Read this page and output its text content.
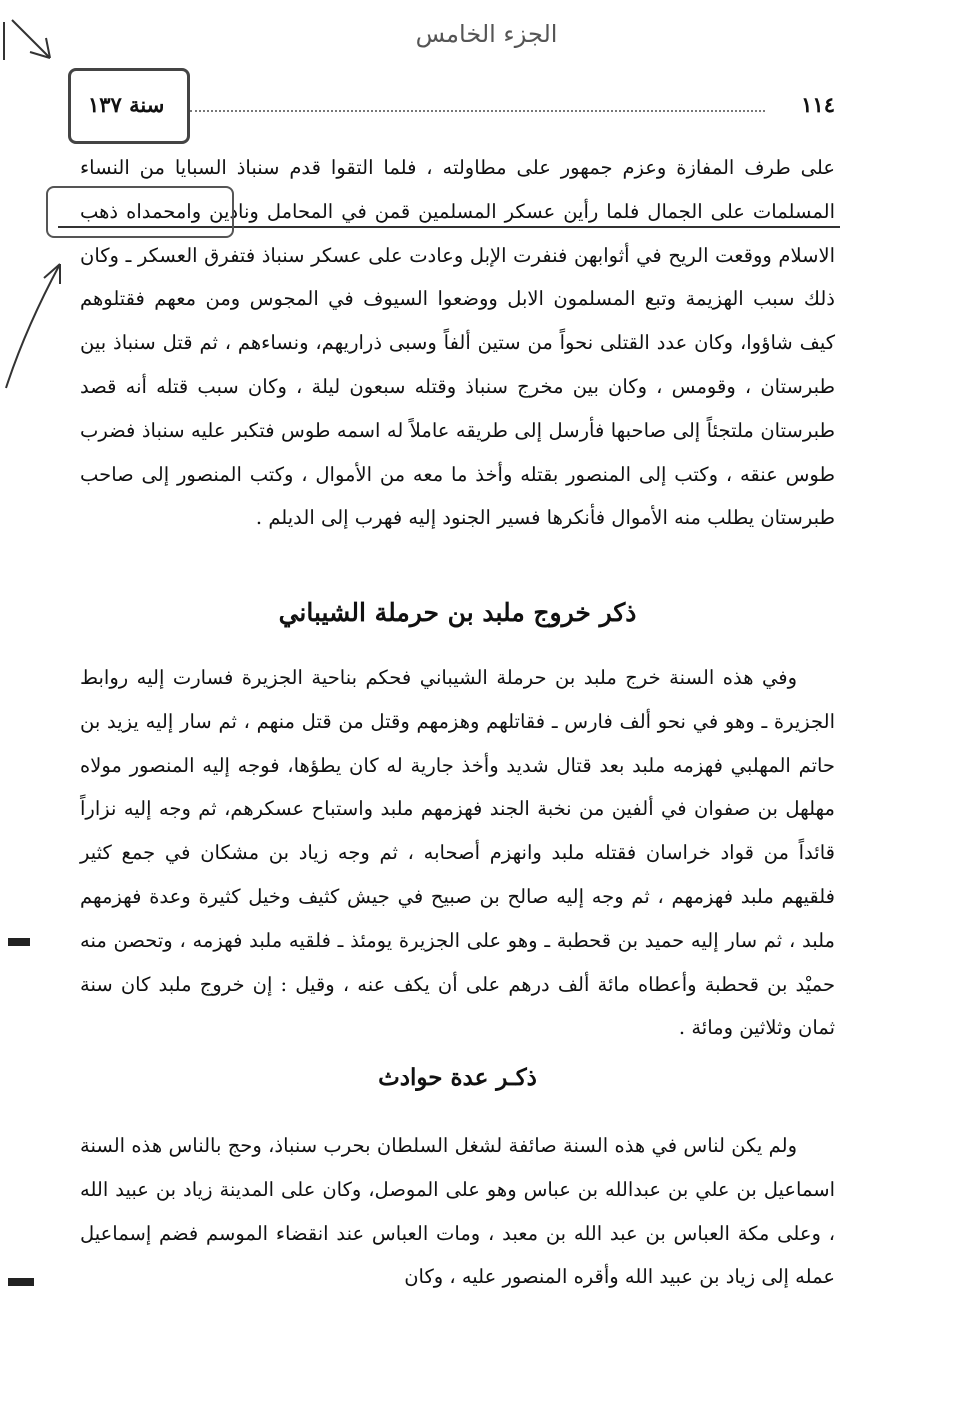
الجزء الخامس
١١٤
سنة ١٣٧

على طرف المفازة وعزم جمهور على مطاولته ، فلما التقوا قدم سنباذ السبايا من النساء المسلمات على الجمال فلما رأين عسكر المسلمين قمن في المحامل ونادين وامحمداه ذهب الاسلام ووقعت الريح في أثوابهن فنفرت الإبل وعادت على عسكر سنباذ فتفرق العسكر ـ وكان ذلك سبب الهزيمة وتبع المسلمون الابل ووضعوا السيوف في المجوس ومن معهم فقتلوهم كيف شاؤوا، وكان عدد القتلى نحواً من ستين ألفاً وسبى ذراريهم، ونساءهم ، ثم قتل سنباذ بين طبرستان ، وقومس ، وكان بين مخرج سنباذ وقتله سبعون ليلة ، وكان سبب قتله أنه قصد طبرستان ملتجئاً إلى صاحبها فأرسل إلى طريقه عاملاً له اسمه طوس فتكبر عليه سنباذ فضرب طوس عنقه ، وكتب إلى المنصور بقتله وأخذ ما معه من الأموال ، وكتب المنصور إلى صاحب طبرستان يطلب منه الأموال فأنكرها فسير الجنود إليه فهرب إلى الديلم .

ذكر خروج ملبد بن حرملة الشيباني

وفي هذه السنة خرج ملبد بن حرملة الشيباني فحكم بناحية الجزيرة فسارت إليه روابط الجزيرة ـ وهو في نحو ألف فارس ـ فقاتلهم وهزمهم وقتل من قتل منهم ، ثم سار إليه يزيد بن حاتم المهلبي فهزمه ملبد بعد قتال شديد وأخذ جارية له كان يطؤها، فوجه إليه المنصور مولاه مهلهل بن صفوان في ألفين من نخبة الجند فهزمهم ملبد واستباح عسكرهم، ثم وجه إليه نزاراً قائداً من قواد خراسان فقتله ملبد وانهزم أصحابه ، ثم وجه زياد بن مشكان في جمع كثير فلقيهم ملبد فهزمهم ، ثم وجه إليه صالح بن صبيح في جيش كثيف وخيل كثيرة وعدة فهزمهم ملبد ، ثم سار إليه حميد بن قحطبة ـ وهو على الجزيرة يومئذ ـ فلقيه ملبد فهزمه ، وتحصن منه حميْد بن قحطبة وأعطاه مائة ألف درهم على أن يكف عنه ، وقيل : إن خروج ملبد كان سنة ثمان وثلاثين ومائة .

ذكـر عدة حوادث

ولم يكن لناس في هذه السنة صائفة لشغل السلطان بحرب سنباذ، وحج بالناس هذه السنة اسماعيل بن علي بن عبدالله بن عباس وهو على الموصل، وكان على المدينة زياد بن عبيد الله ، وعلى مكة العباس بن عبد الله بن معبد ، ومات العباس عند انقضاء الموسم فضم إسماعيل عمله إلى زياد بن عبيد الله وأقره المنصور عليه ، وكان
